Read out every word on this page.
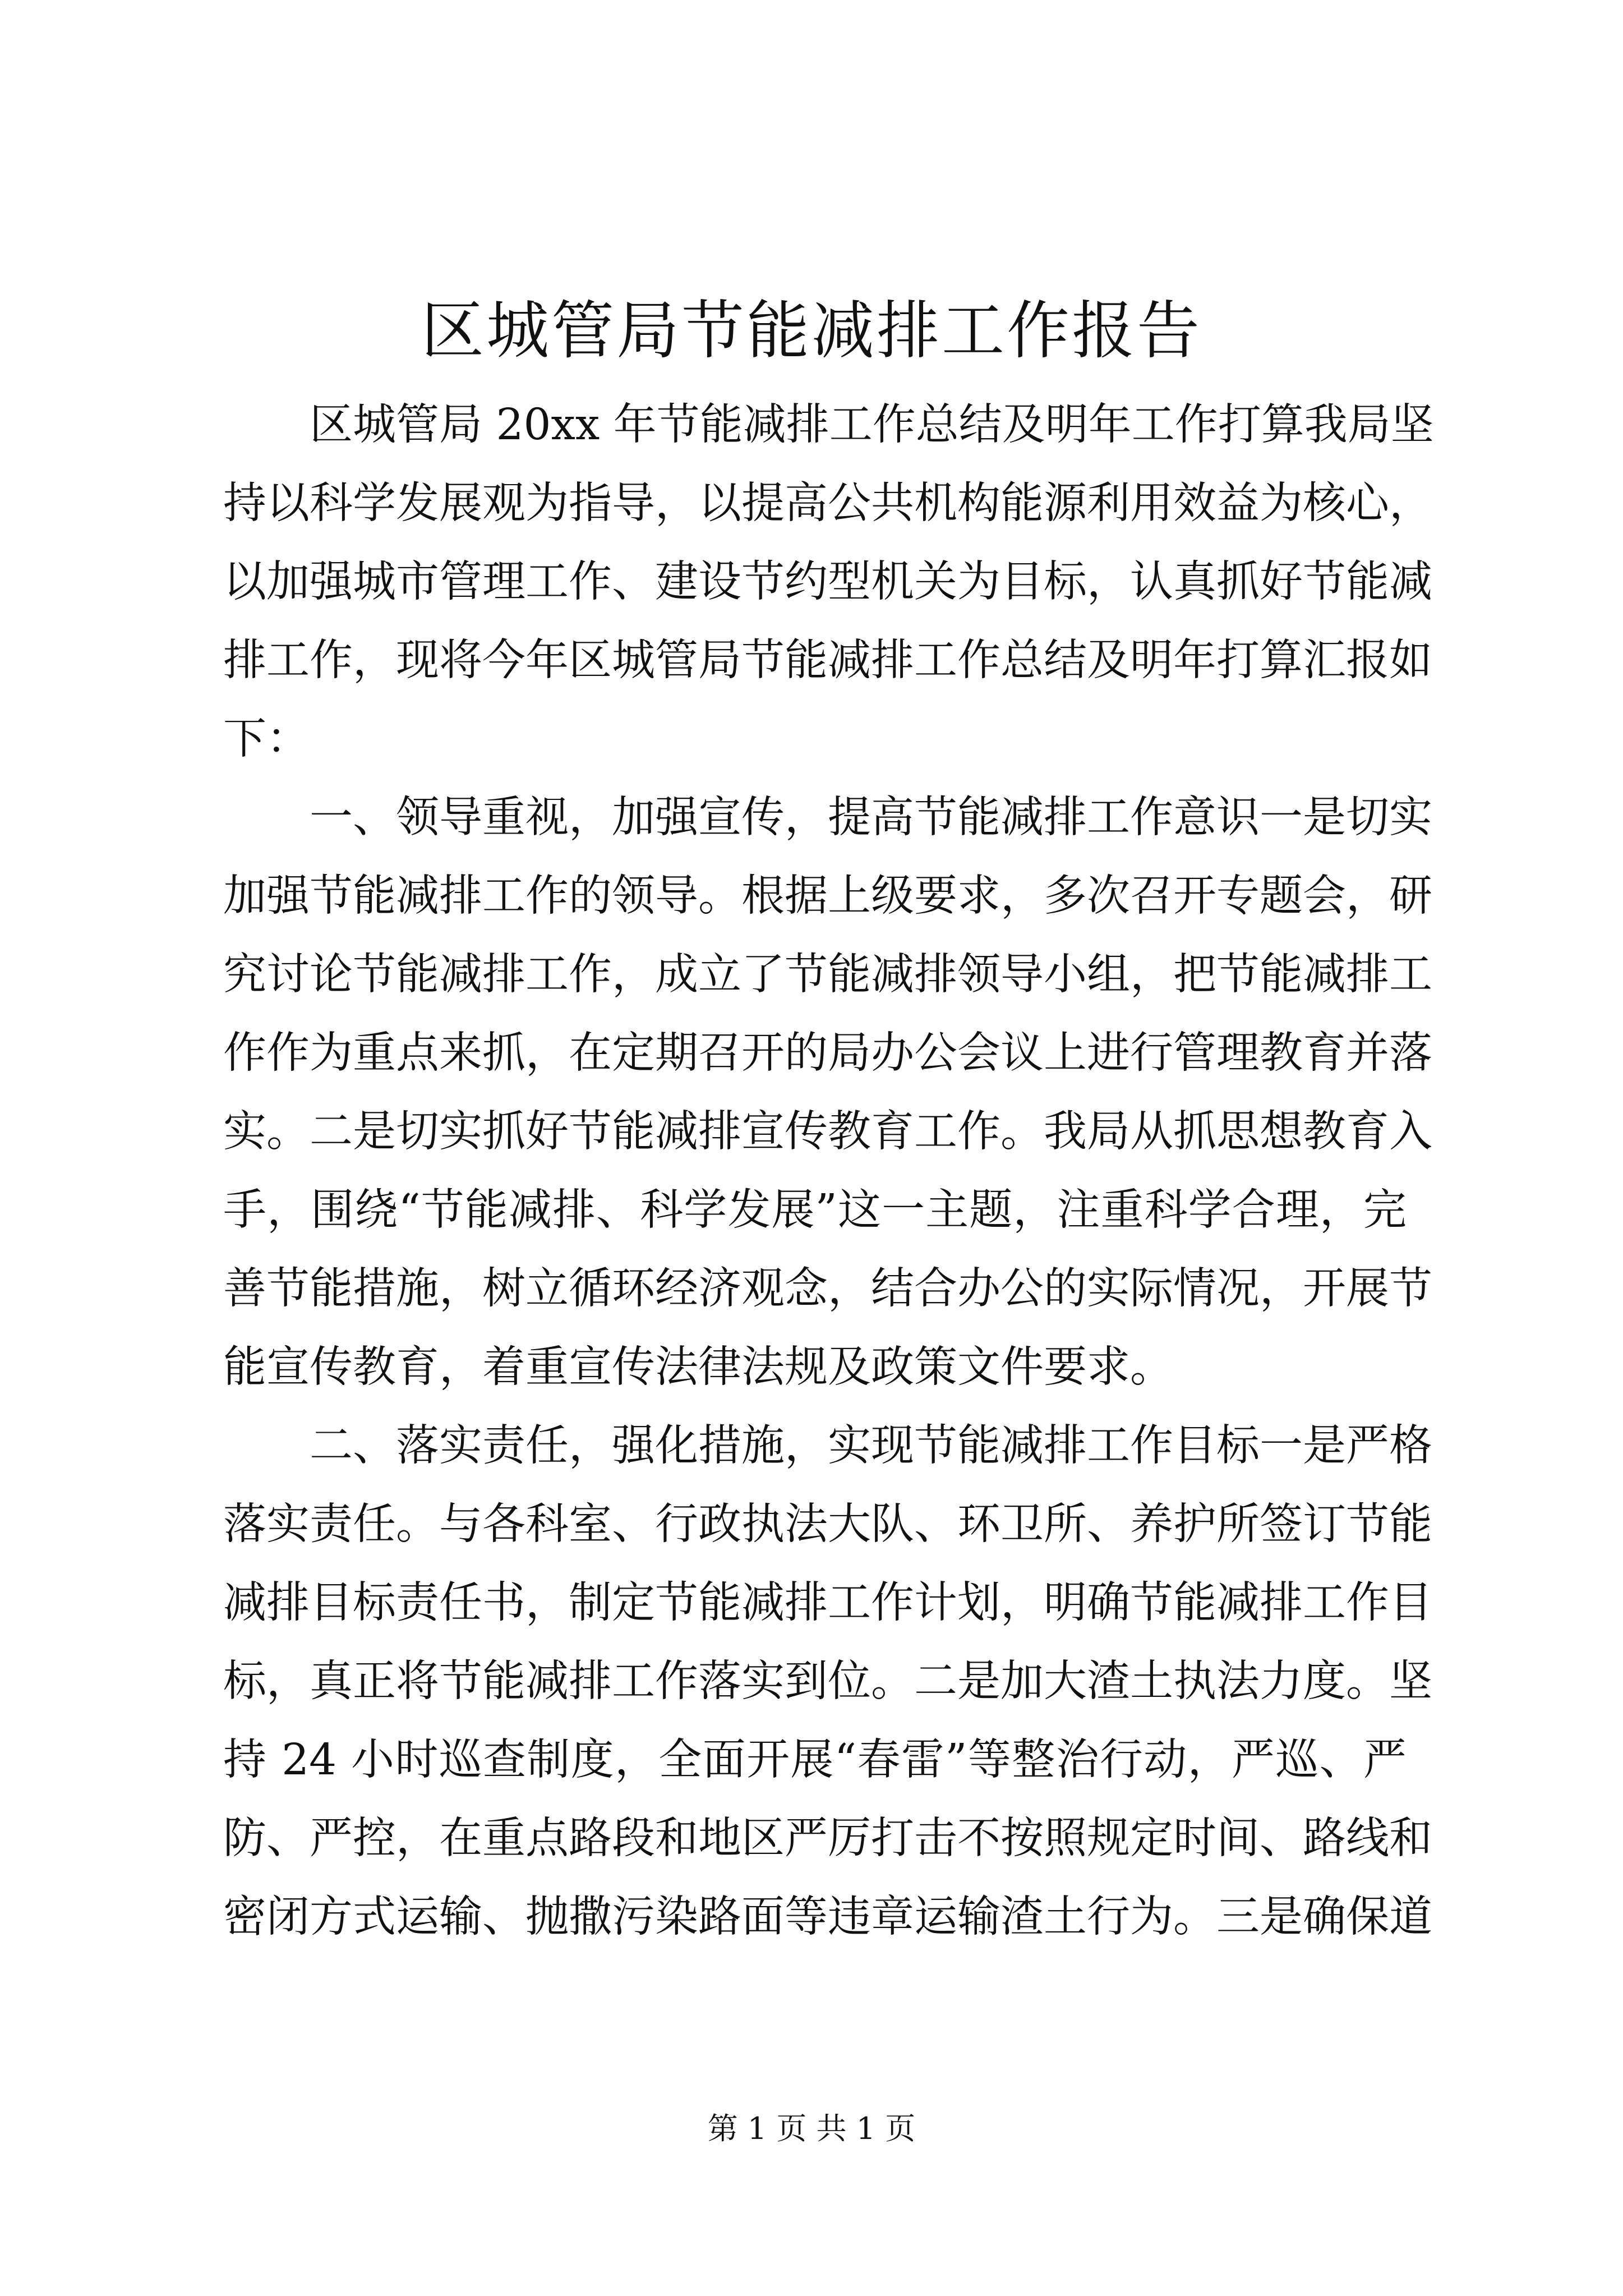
区城管局节能减排工作报告
　　区城管局 20xx 年节能减排工作总结及明年工作打算我局坚
持以科学发展观为指导，以提高公共机构能源利用效益为核心，
以加强城市管理工作、建设节约型机关为目标，认真抓好节能减
排工作，现将今年区城管局节能减排工作总结及明年打算汇报如
下：
　　一、领导重视，加强宣传，提高节能减排工作意识一是切实
加强节能减排工作的领导。根据上级要求，多次召开专题会，研
究讨论节能减排工作，成立了节能减排领导小组，把节能减排工
作作为重点来抓，在定期召开的局办公会议上进行管理教育并落
实。二是切实抓好节能减排宣传教育工作。我局从抓思想教育入
手，围绕“节能减排、科学发展”这一主题，注重科学合理，完
善节能措施，树立循环经济观念，结合办公的实际情况，开展节
能宣传教育，着重宣传法律法规及政策文件要求。
　　二、落实责任，强化措施，实现节能减排工作目标一是严格
落实责任。与各科室、行政执法大队、环卫所、养护所签订节能
减排目标责任书，制定节能减排工作计划，明确节能减排工作目
标，真正将节能减排工作落实到位。二是加大渣土执法力度。坚
持 24 小时巡查制度，全面开展“春雷”等整治行动，严巡、严
防、严控，在重点路段和地区严厉打击不按照规定时间、路线和
密闭方式运输、抛撒污染路面等违章运输渣土行为。三是确保道
第 1 页 共 1 页
